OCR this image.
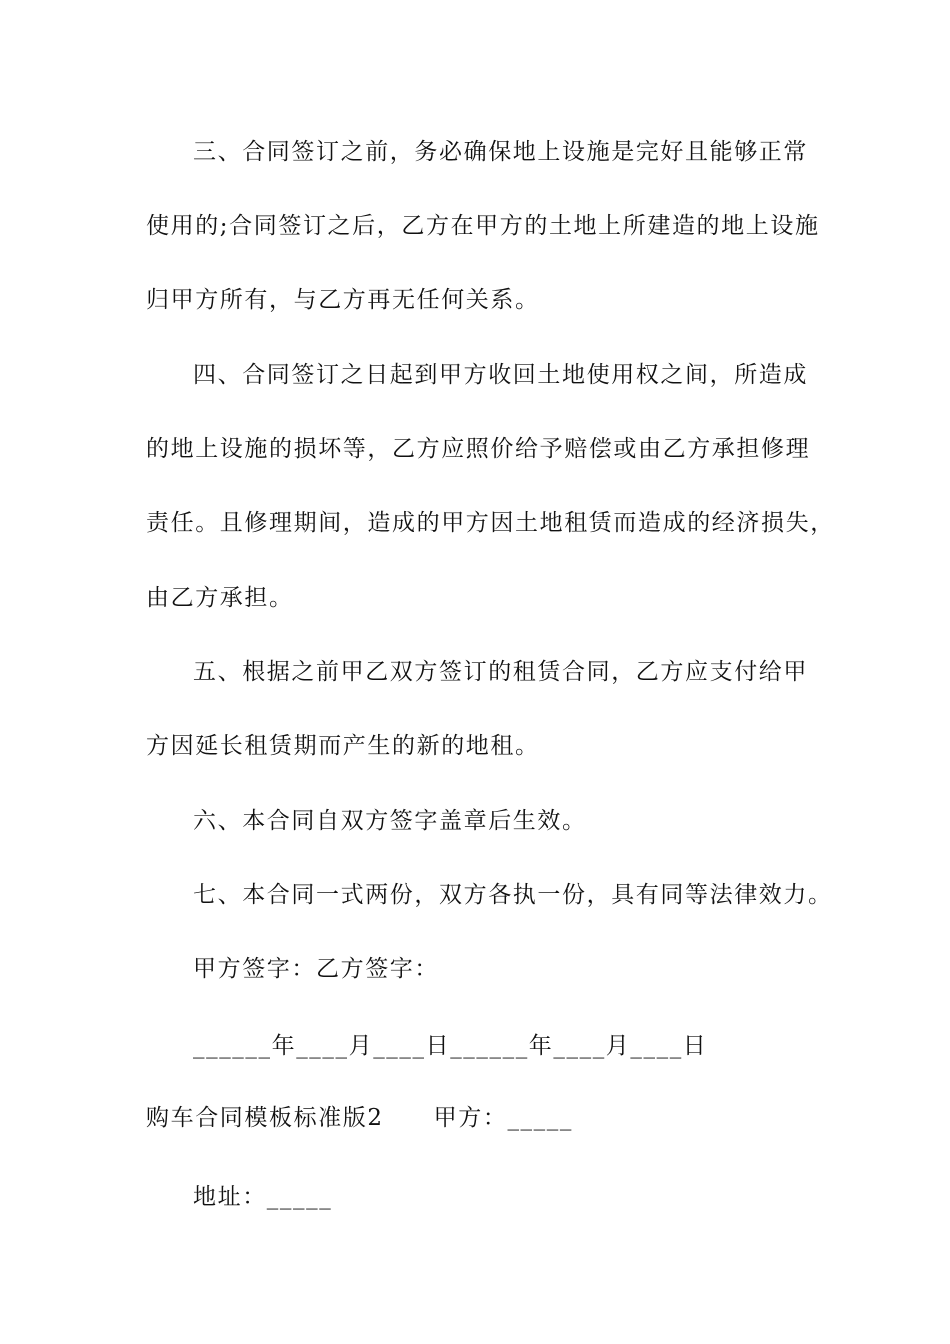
三、合同签订之前，务必确保地上设施是完好且能够正常
使用的;合同签订之后，乙方在甲方的土地上所建造的地上设施
归甲方所有，与乙方再无任何关系。
四、合同签订之日起到甲方收回土地使用权之间，所造成
的地上设施的损坏等，乙方应照价给予赔偿或由乙方承担修理
责任。且修理期间，造成的甲方因土地租赁而造成的经济损失，
由乙方承担。
五、根据之前甲乙双方签订的租赁合同，乙方应支付给甲
方因延长租赁期而产生的新的地租。
六、本合同自双方签字盖章后生效。
七、本合同一式两份，双方各执一份，具有同等法律效力。
甲方签字：乙方签字：
______年____月____日______年____月____日
购车合同模板标准版2 甲方：_____
地址：_____
